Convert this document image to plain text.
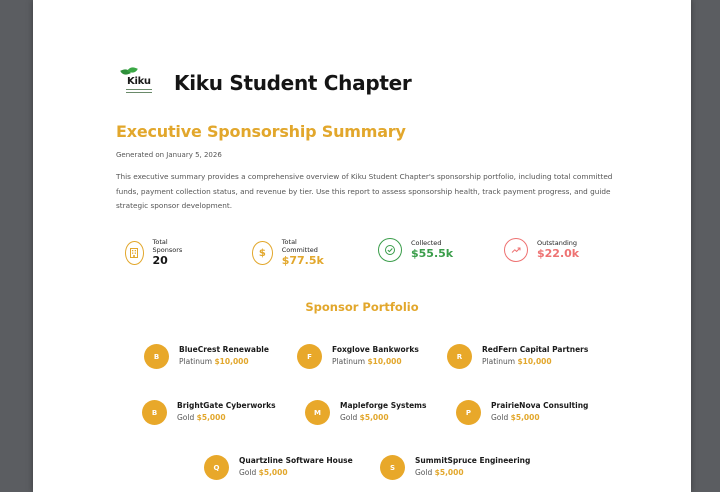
Kiku Kiku Student Chapter
Executive Sponsorship Summary
Generated on January 5, 2026
This executive summary provides a comprehensive overview of Kiku Student Chapter's sponsorship portfolio, including total committed funds, payment collection status, and revenue by tier. Use this report to assess sponsorship health, track payment progress, and guide strategic sponsor development.
Total Sponsors
20
$
Total Committed
$77.5k
Collected
$55.5k
Outstanding
$22.0k
Sponsor Portfolio
B
BlueCrest Renewable
Platinum $10,000
F
Foxglove Bankworks
Platinum $10,000
R
RedFern Capital Partners
Platinum $10,000
B
BrightGate Cyberworks
Gold $5,000
M
Mapleforge Systems
Gold $5,000
P
PrairieNova Consulting
Gold $5,000
Q
Quartzline Software House
Gold $5,000
S
SummitSpruce Engineering
Gold $5,000
